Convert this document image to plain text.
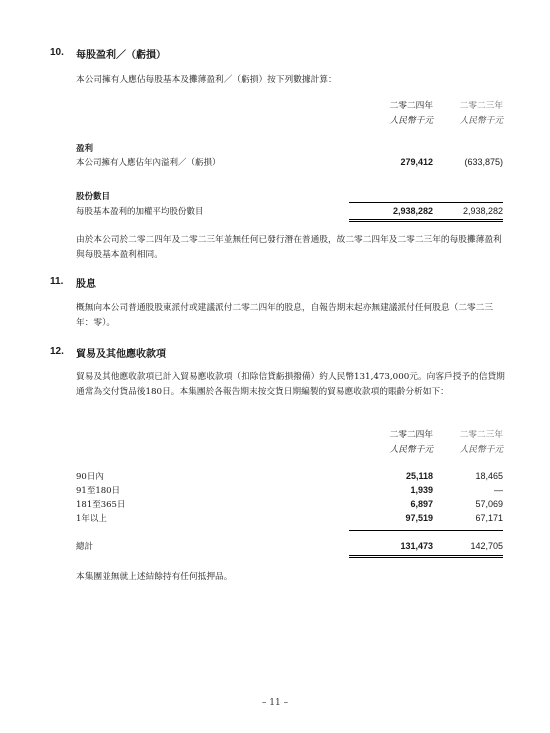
10. 每股盈利／（虧損）
本公司擁有人應佔每股基本及攤薄盈利／（虧損）按下列數據計算：
二零二四年	二零二三年
人民幣千元	人民幣千元
盈利
本公司擁有人應佔年內溢利／（虧損）	279,412	(633,875)
股份數目
每股基本盈利的加權平均股份數目	2,938,282	2,938,282
由於本公司於二零二四年及二零二三年並無任何已發行潛在普通股，故二零二四年及二零二三年的每股攤薄盈利與每股基本盈利相同。
11. 股息
概無向本公司普通股股東派付或建議派付二零二四年的股息，自報告期末起亦無建議派付任何股息（二零二三年：零）。
12. 貿易及其他應收款項
貿易及其他應收款項已計入貿易應收款項（扣除信貸虧損撥備）約人民幣131,473,000元。向客戶授予的信貸期通常為交付貨品後180日。本集團於各報告期末按交貨日期編製的貿易應收款項的賬齡分析如下：
二零二四年	二零二三年
人民幣千元	人民幣千元
90日內	25,118	18,465
91至180日	1,939	—
181至365日	6,897	57,069
1年以上	97,519	67,171
總計	131,473	142,705
本集團並無就上述結餘持有任何抵押品。
– 11 –
